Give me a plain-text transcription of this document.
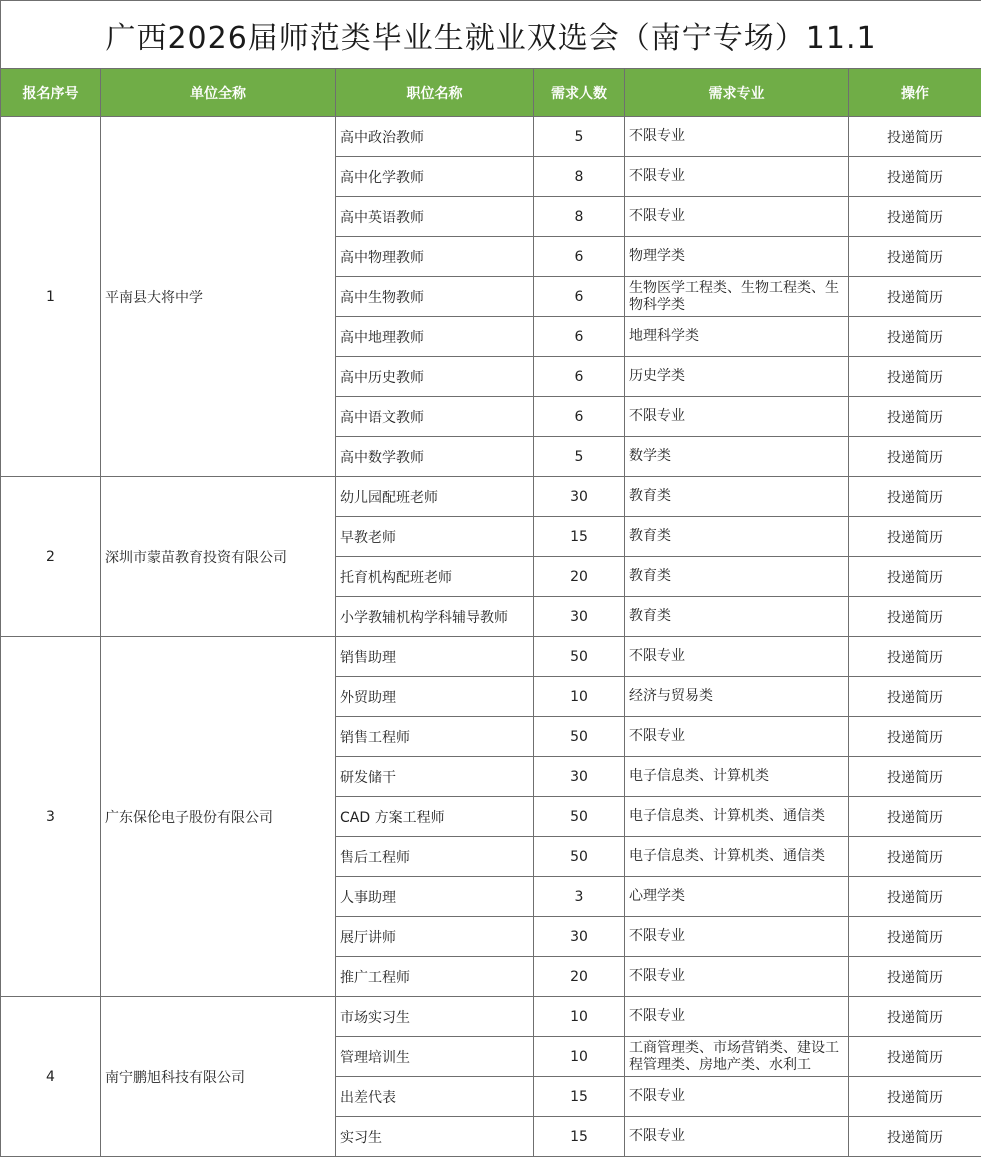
广西2026届师范类毕业生就业双选会（南宁专场）11.1					
报名序号	单位全称	职位名称	需求人数	需求专业	操作
1	平南县大将中学	高中政治教师	5	不限专业	投递简历
		高中化学教师	8	不限专业	投递简历
		高中英语教师	8	不限专业	投递简历
		高中物理教师	6	物理学类	投递简历
		高中生物教师	6	生物医学工程类、生物工程类、生物科学类	投递简历
		高中地理教师	6	地理科学类	投递简历
		高中历史教师	6	历史学类	投递简历
		高中语文教师	6	不限专业	投递简历
		高中数学教师	5	数学类	投递简历
2	深圳市蒙苗教育投资有限公司	幼儿园配班老师	30	教育类	投递简历
		早教老师	15	教育类	投递简历
		托育机构配班老师	20	教育类	投递简历
		小学教辅机构学科辅导教师	30	教育类	投递简历
3	广东保伦电子股份有限公司	销售助理	50	不限专业	投递简历
		外贸助理	10	经济与贸易类	投递简历
		销售工程师	50	不限专业	投递简历
		研发储干	30	电子信息类、计算机类	投递简历
		CAD 方案工程师	50	电子信息类、计算机类、通信类	投递简历
		售后工程师	50	电子信息类、计算机类、通信类	投递简历
		人事助理	3	心理学类	投递简历
		展厅讲师	30	不限专业	投递简历
		推广工程师	20	不限专业	投递简历
4	南宁鹏旭科技有限公司	市场实习生	10	不限专业	投递简历
		管理培训生	10	工商管理类、市场营销类、建设工程管理类、房地产类、水利工	投递简历
		出差代表	15	不限专业	投递简历
		实习生	15	不限专业	投递简历
